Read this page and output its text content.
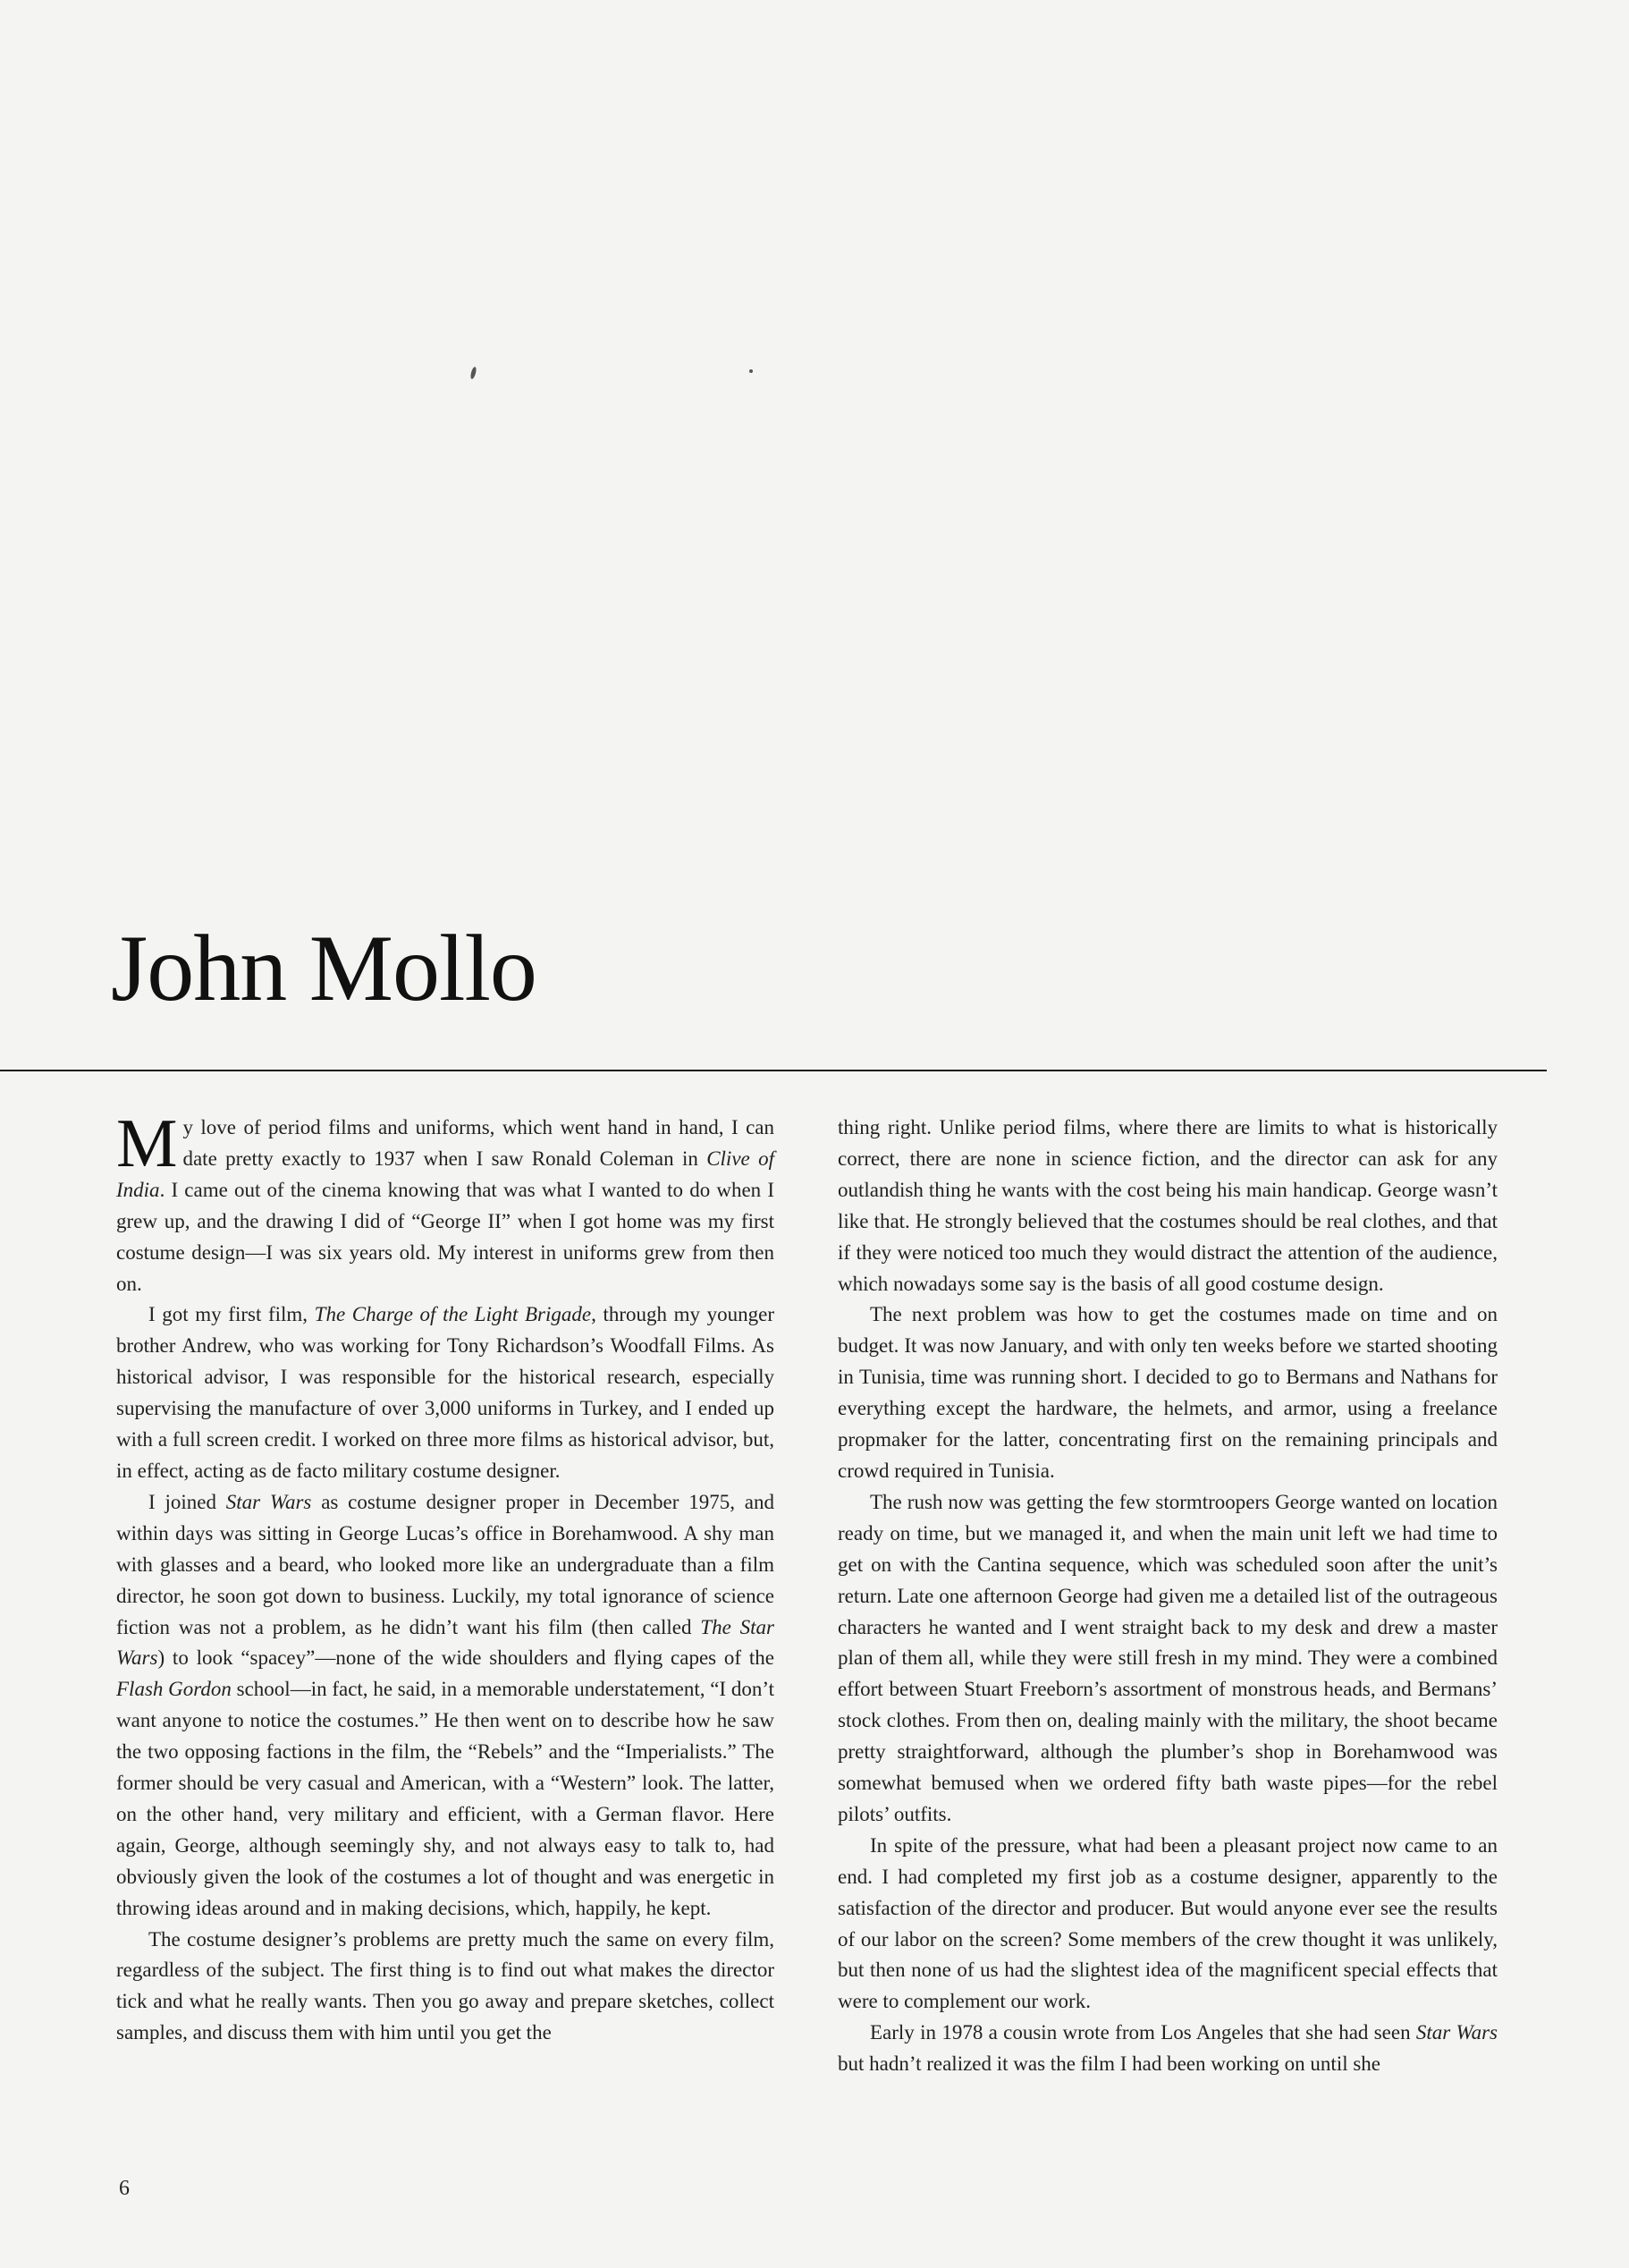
John Mollo

My love of period films and uniforms, which went hand in hand, I can date pretty exactly to 1937 when I saw Ronald Coleman in Clive of India. I came out of the cinema knowing that was what I wanted to do when I grew up, and the drawing I did of “George II” when I got home was my first costume design—I was six years old. My interest in uniforms grew from then on.

I got my first film, The Charge of the Light Brigade, through my younger brother Andrew, who was working for Tony Richardson’s Woodfall Films. As historical advisor, I was responsible for the historical research, especially supervising the manufacture of over 3,000 uniforms in Turkey, and I ended up with a full screen credit. I worked on three more films as historical advisor, but, in effect, acting as de facto military costume designer.

I joined Star Wars as costume designer proper in December 1975, and within days was sitting in George Lucas’s office in Borehamwood. A shy man with glasses and a beard, who looked more like an undergraduate than a film director, he soon got down to business. Luckily, my total ignorance of science fiction was not a problem, as he didn’t want his film (then called The Star Wars) to look “spacey”—none of the wide shoulders and flying capes of the Flash Gordon school—in fact, he said, in a memorable understatement, “I don’t want anyone to notice the costumes.” He then went on to describe how he saw the two opposing factions in the film, the “Rebels” and the “Imperialists.” The former should be very casual and American, with a “Western” look. The latter, on the other hand, very military and efficient, with a German flavor. Here again, George, although seemingly shy, and not always easy to talk to, had obviously given the look of the costumes a lot of thought and was energetic in throwing ideas around and in making decisions, which, happily, he kept.

The costume designer’s problems are pretty much the same on every film, regardless of the subject. The first thing is to find out what makes the director tick and what he really wants. Then you go away and prepare sketches, collect samples, and discuss them with him until you get the

thing right. Unlike period films, where there are limits to what is historically correct, there are none in science fiction, and the director can ask for any outlandish thing he wants with the cost being his main handicap. George wasn’t like that. He strongly believed that the costumes should be real clothes, and that if they were noticed too much they would distract the attention of the audience, which nowadays some say is the basis of all good costume design.

The next problem was how to get the costumes made on time and on budget. It was now January, and with only ten weeks before we started shooting in Tunisia, time was running short. I decided to go to Bermans and Nathans for everything except the hardware, the helmets, and armor, using a freelance propmaker for the latter, concentrating first on the remaining principals and crowd required in Tunisia.

The rush now was getting the few stormtroopers George wanted on location ready on time, but we managed it, and when the main unit left we had time to get on with the Cantina sequence, which was scheduled soon after the unit’s return. Late one afternoon George had given me a detailed list of the outrageous characters he wanted and I went straight back to my desk and drew a master plan of them all, while they were still fresh in my mind. They were a combined effort between Stuart Freeborn’s assortment of monstrous heads, and Bermans’ stock clothes. From then on, dealing mainly with the military, the shoot became pretty straightforward, although the plumber’s shop in Borehamwood was somewhat bemused when we ordered fifty bath waste pipes—for the rebel pilots’ outfits.

In spite of the pressure, what had been a pleasant project now came to an end. I had completed my first job as a costume designer, apparently to the satisfaction of the director and producer. But would anyone ever see the results of our labor on the screen? Some members of the crew thought it was unlikely, but then none of us had the slightest idea of the magnificent special effects that were to complement our work.

Early in 1978 a cousin wrote from Los Angeles that she had seen Star Wars but hadn’t realized it was the film I had been working on until she

6
